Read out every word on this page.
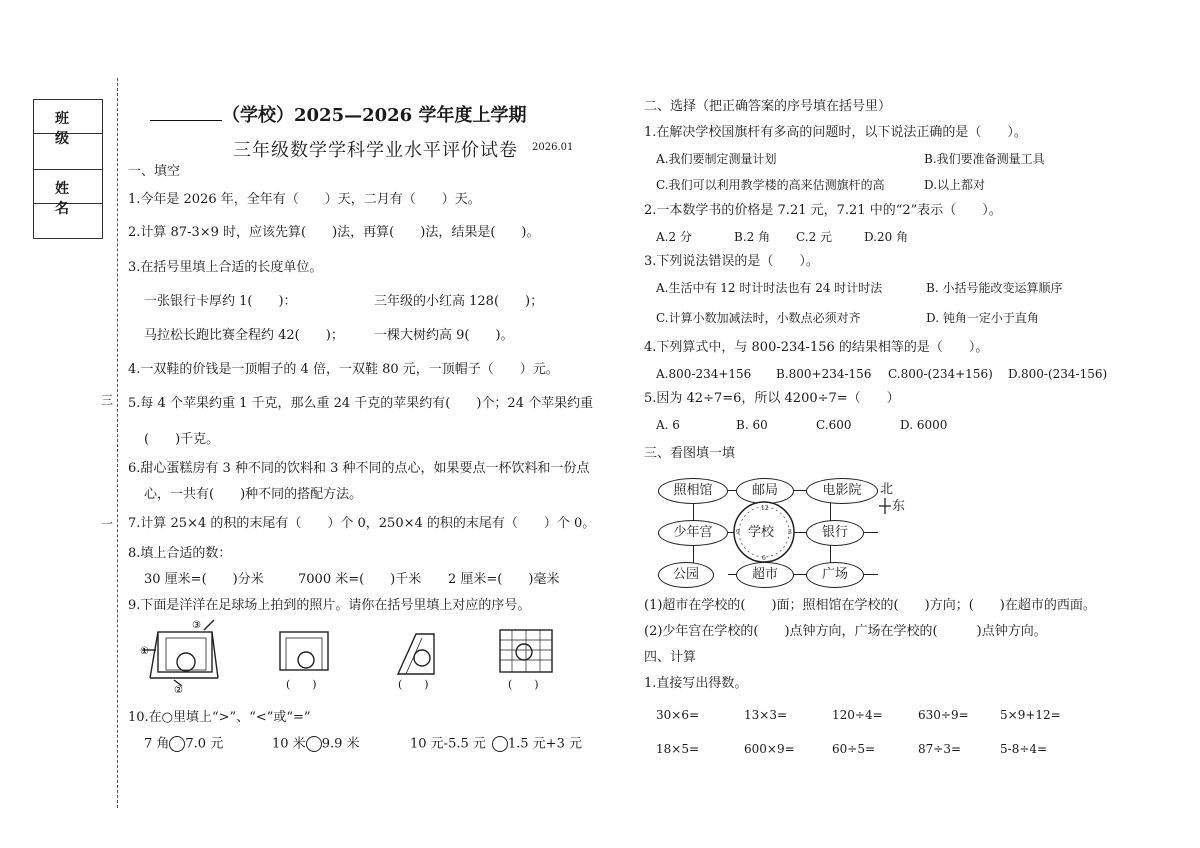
班 级
姓 名
三
一
（学校）2025—2026 学年度上学期
三年级数学学科学业水平评价试卷 2026.01
一、填空
1.今年是 2026 年，全年有（　　）天，二月有（　　）天。
2.计算 87-3×9 时，应该先算(　　)法，再算(　　)法，结果是(　　)。
3.在括号里填上合适的长度单位。
一张银行卡厚约 1(　　)：	三年级的小红高 128(　　)；
马拉松长跑比赛全程约 42(　　)； 一棵大树约高 9(　　)。
4.一双鞋的价钱是一顶帽子的 4 倍，一双鞋 80 元，一顶帽子（　　）元。
5.每 4 个苹果约重 1 千克，那么重 24 千克的苹果约有(　　)个；24 个苹果约重
(　　)千克。
6.甜心蛋糕房有 3 种不同的饮料和 3 种不同的点心，如果要点一杯饮料和一份点
心，一共有(　　)种不同的搭配方法。
7.计算 25×4 的积的末尾有（　　）个 0，250×4 的积的末尾有（　　）个 0。
8.填上合适的数：
30 厘米=(　　)分米	7000 米=(　　)千米 2 厘米=(　　)毫米
9.下面是洋洋在足球场上拍到的照片。请你在括号里填上对应的序号。
①
③
②	(　　)	(　　)	(　　)
10.在○里填上“>”、“<”或“=”
7 角 7.0 元	10 米 9.9 米	10 元-5.5 元 1.5 元+3 元
二、选择（把正确答案的序号填在括号里）
1.在解决学校国旗杆有多高的问题时，以下说法正确的是（　　）。
A.我们要制定测量计划	B.我们要准备测量工具
C.我们可以利用教学楼的高来估测旗杆的高	D.以上都对
2.一本数学书的价格是 7.21 元，7.21 中的“2”表示（　　）。
A.2 分	B.2 角 C.2 元	D.20 角
3.下列说法错误的是（　　）。
A.生活中有 12 时计时法也有 24 时计时法	B. 小括号能改变运算顺序
C.计算小数加减法时，小数点必须对齐	D. 钝角一定小于直角
4.下列算式中，与 800-234-156 的结果相等的是（　　）。
A.800-234+156 B.800+234-156 C.800-(234+156) D.800-(234-156)
5.因为 42÷7=6，所以 4200÷7=（　　）
A. 6	B. 60	C.600	D. 6000
三、看图填一填
照相馆	邮局	电影院
少年宫	银行
公园	超市	广场
12
3
6
9 学校
北
东
(1)超市在学校的(　　)面；照相馆在学校的(　　)方向；(　　)在超市的西面。
(2)少年宫在学校的(　　)点钟方向，广场在学校的(　　　)点钟方向。
四、计算
1.直接写出得数。
30×6=	13×3=	120÷4=	630÷9=	5×9+12=
18×5=	600×9=	60÷5=	87÷3=	5-8÷4=
